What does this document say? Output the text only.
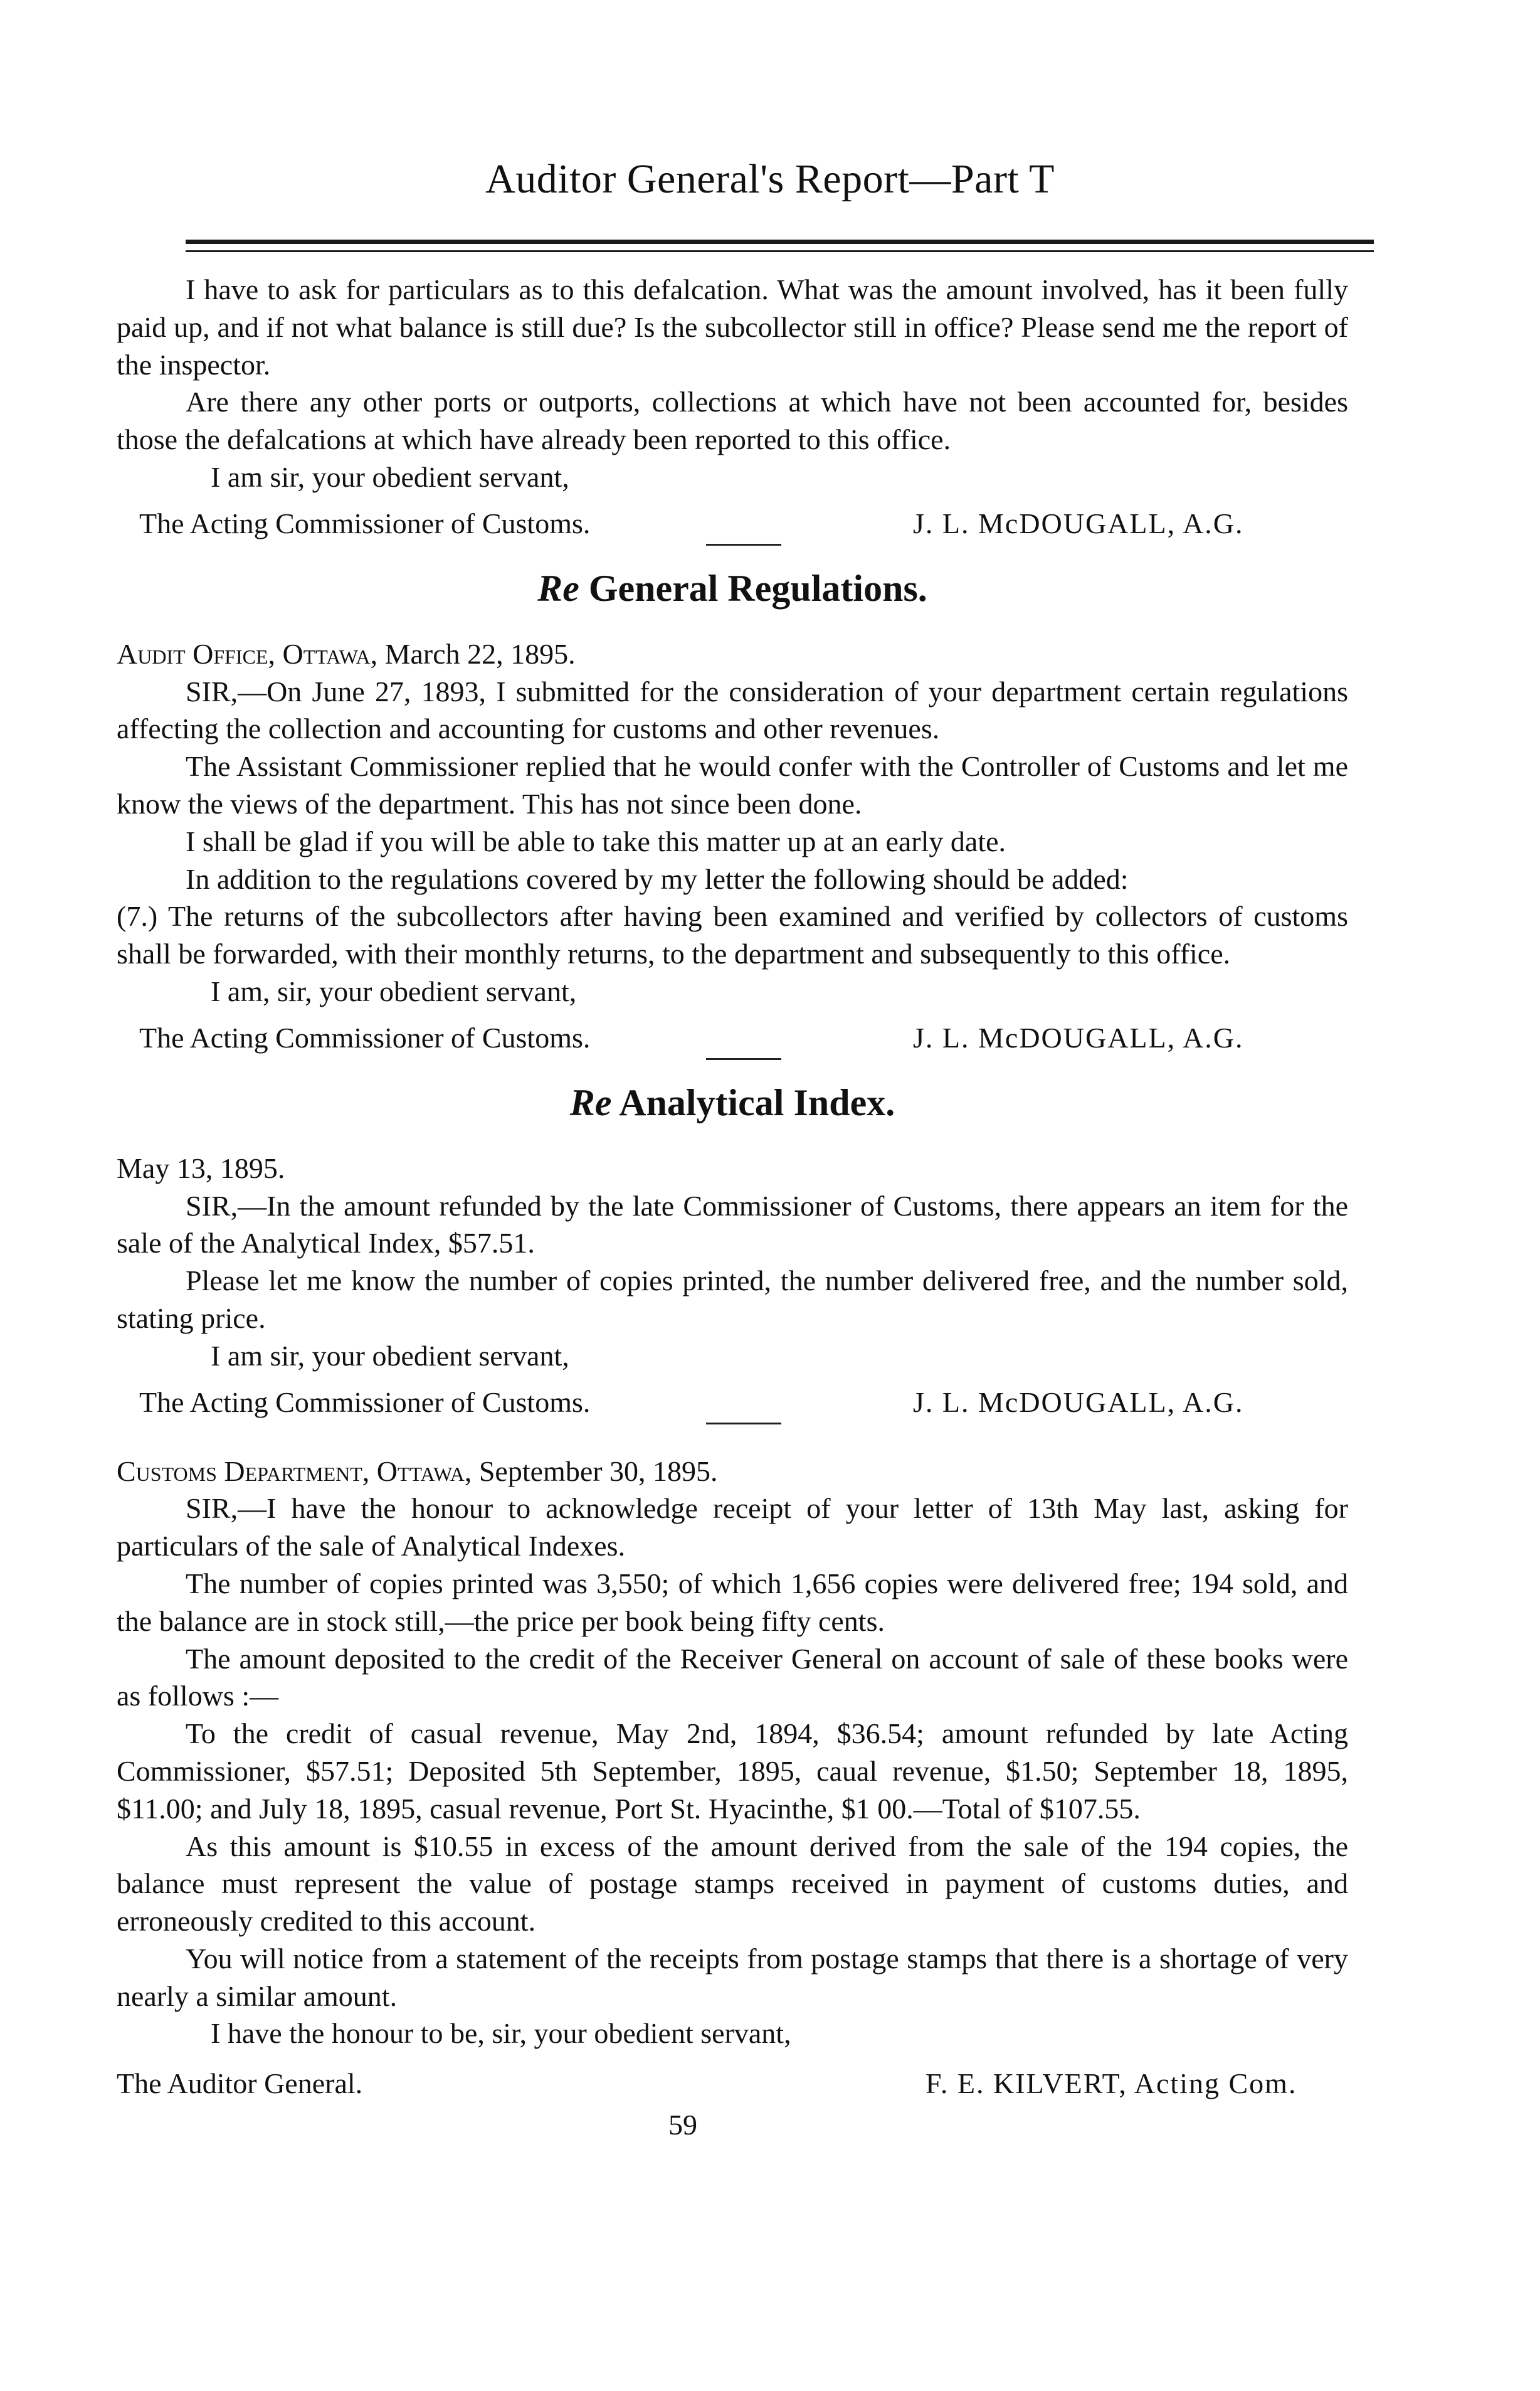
Auditor General's Report—Part T

I have to ask for particulars as to this defalcation. What was the amount involved, has it been fully paid up, and if not what balance is still due? Is the subcollector still in office? Please send me the report of the inspector.

Are there any other ports or outports, collections at which have not been accounted for, besides those the defalcations at which have already been reported to this office.

I am sir, your obedient servant,

The Acting Commissioner of Customs.	J. L. McDOUGALL, A.G.
Re General Regulations.

Audit Office, Ottawa, March 22, 1895.

SIR,—On June 27, 1893, I submitted for the consideration of your department certain regulations affecting the collection and accounting for customs and other revenues.

The Assistant Commissioner replied that he would confer with the Controller of Customs and let me know the views of the department. This has not since been done.

I shall be glad if you will be able to take this matter up at an early date.

In addition to the regulations covered by my letter the following should be added:

(7.) The returns of the subcollectors after having been examined and verified by collectors of customs shall be forwarded, with their monthly returns, to the department and subsequently to this office.

I am, sir, your obedient servant,

The Acting Commissioner of Customs.	J. L. McDOUGALL, A.G.
Re Analytical Index.

May 13, 1895.

SIR,—In the amount refunded by the late Commissioner of Customs, there appears an item for the sale of the Analytical Index, $57.51.

Please let me know the number of copies printed, the number delivered free, and the number sold, stating price.

I am sir, your obedient servant,

The Acting Commissioner of Customs.	J. L. McDOUGALL, A.G.

Customs Department, Ottawa, September 30, 1895.

SIR,—I have the honour to acknowledge receipt of your letter of 13th May last, asking for particulars of the sale of Analytical Indexes.

The number of copies printed was 3,550; of which 1,656 copies were delivered free; 194 sold, and the balance are in stock still,—the price per book being fifty cents.

The amount deposited to the credit of the Receiver General on account of sale of these books were as follows :—

To the credit of casual revenue, May 2nd, 1894, $36.54; amount refunded by late Acting Commissioner, $57.51; Deposited 5th September, 1895, caual revenue, $1.50; September 18, 1895, $11.00; and July 18, 1895, casual revenue, Port St. Hyacinthe, $1 00.—Total of $107.55.

As this amount is $10.55 in excess of the amount derived from the sale of the 194 copies, the balance must represent the value of postage stamps received in payment of customs duties, and erroneously credited to this account.

You will notice from a statement of the receipts from postage stamps that there is a shortage of very nearly a similar amount.

I have the honour to be, sir, your obedient servant,

The Auditor General.	F. E. KILVERT, Acting Com.
59
